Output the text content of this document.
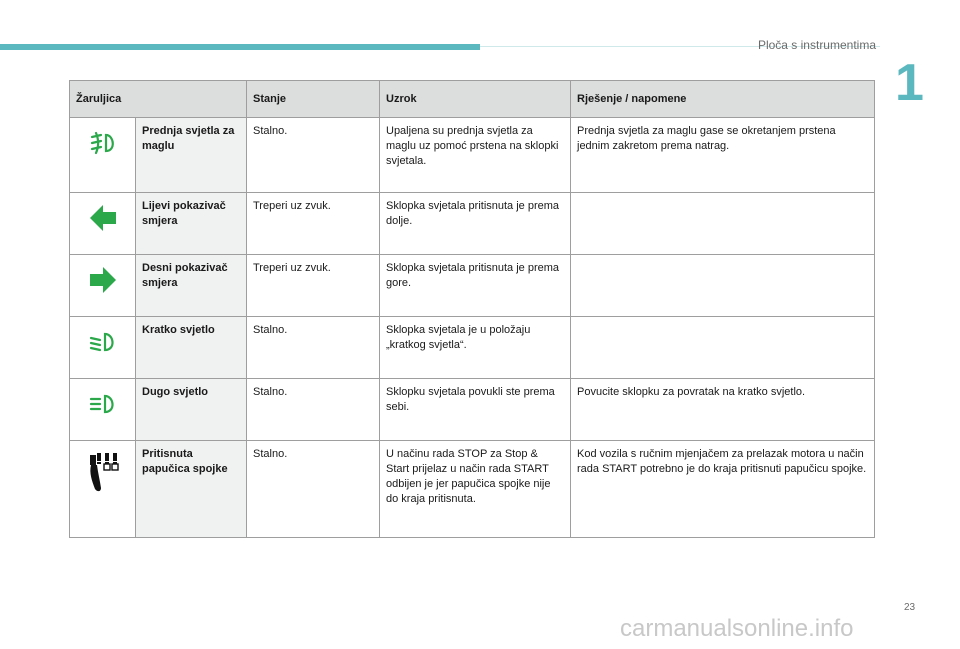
Ploča s instrumentima
1
Žaruljica		Stanje	Uzrok	Rješenje / napomene
	Prednja svjetla za maglu	Stalno.	Upaljena su prednja svjetla za maglu uz pomoć prstena na sklopki svjetala.	Prednja svjetla za maglu gase se okretanjem prstena jednim zakretom prema natrag.
	Lijevi pokazivač smjera	Treperi uz zvuk.	Sklopka svjetala pritisnuta je prema dolje.	
	Desni pokazivač smjera	Treperi uz zvuk.	Sklopka svjetala pritisnuta je prema gore.	
	Kratko svjetlo	Stalno.	Sklopka svjetala je u položaju „kratkog svjetla“.	
	Dugo svjetlo	Stalno.	Sklopku svjetala povukli ste prema sebi.	Povucite sklopku za povratak na kratko svjetlo.
	Pritisnuta papučica spojke	Stalno.	U načinu rada STOP za Stop & Start prijelaz u način rada START odbijen je jer papučica spojke nije do kraja pritisnuta.	Kod vozila s ručnim mjenjačem za prelazak motora u način rada START potrebno je do kraja pritisnuti papučicu spojke.
23
carmanualsonline.info
